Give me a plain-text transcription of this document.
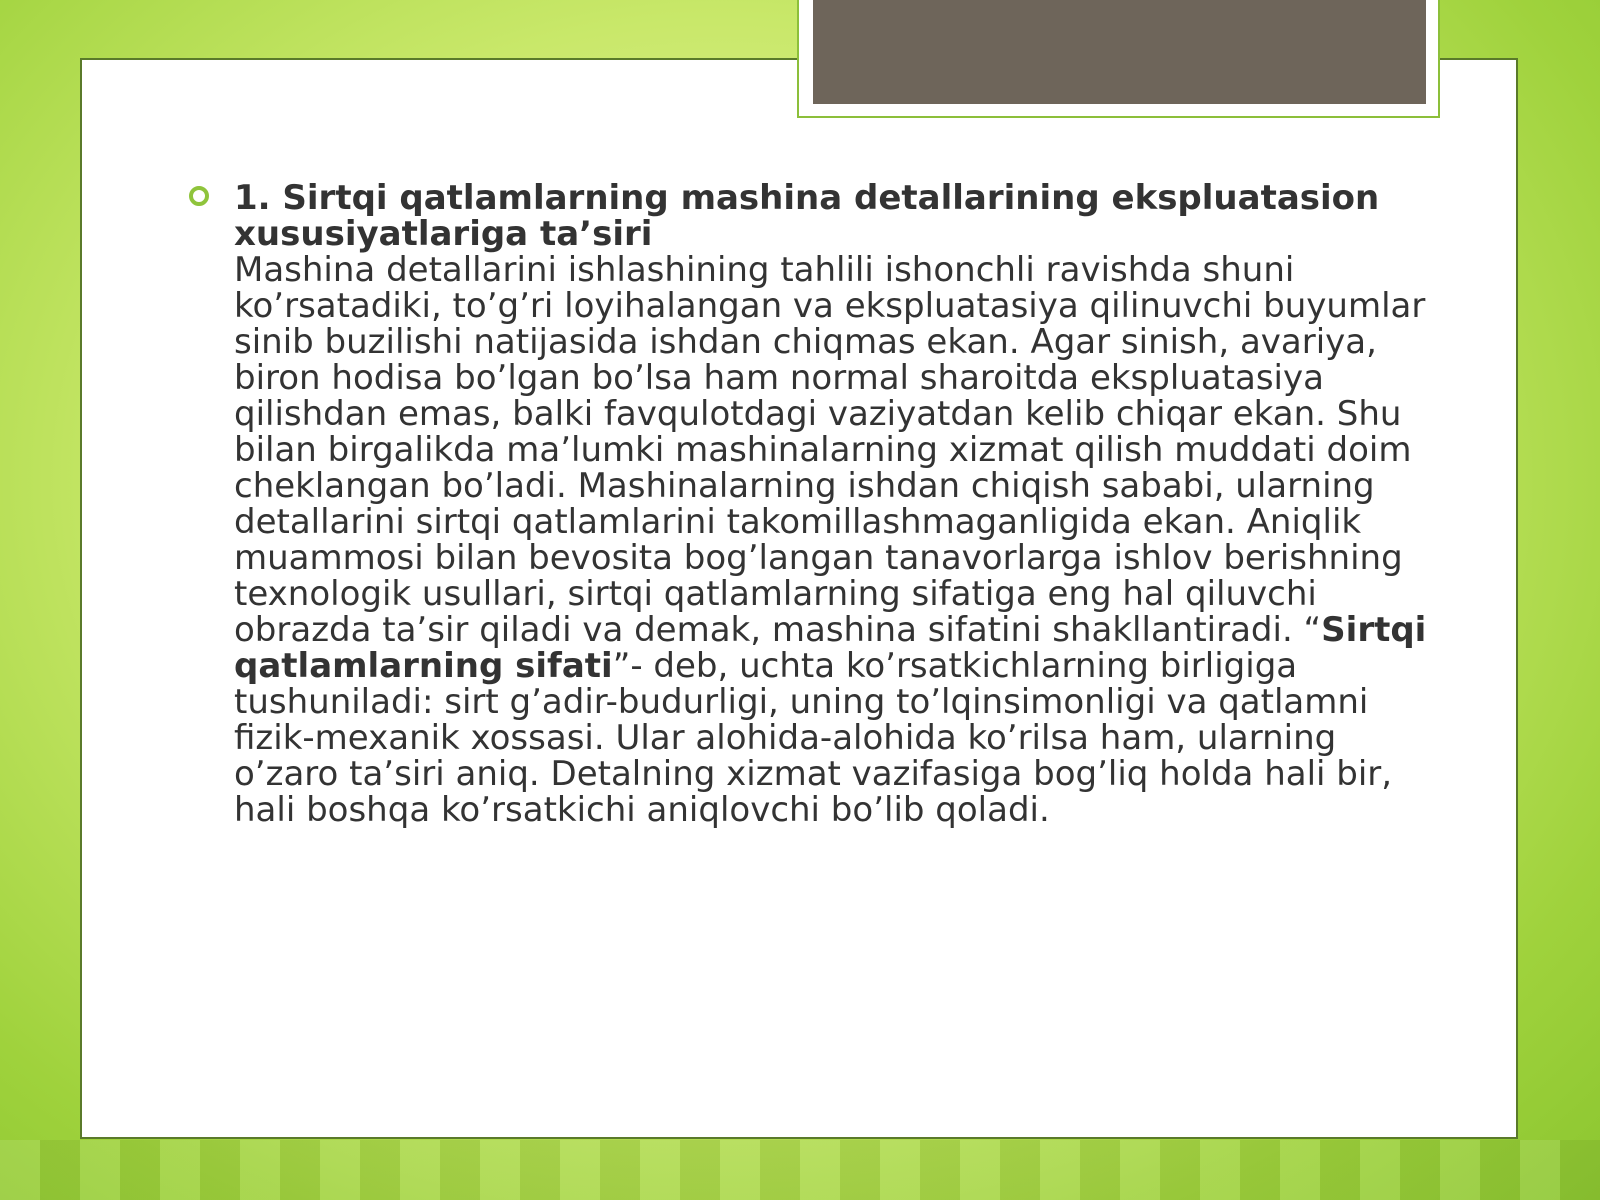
1. Sirtqi qatlamlarning mashina detallarining ekspluatasion xususiyatlariga ta’siri
Mashina detallarini ishlashining tahlili ishonchli ravishda shuni ko’rsatadiki, to’g’ri loyihalangan va ekspluatasiya qilinuvchi buyumlar sinib buzilishi natijasida ishdan chiqmas ekan. Agar sinish, avariya, biron hodisa bo’lgan bo’lsa ham normal sharoitda ekspluatasiya qilishdan emas, balki favqulotdagi vaziyatdan kelib chiqar ekan. Shu bilan birgalikda ma’lumki mashinalarning xizmat qilish muddati doim cheklangan bo’ladi. Mashinalarning ishdan chiqish sababi, ularning detallarini sirtqi qatlamlarini takomillashmaganligida ekan. Aniqlik muammosi bilan bevosita bog’langan tanavorlarga ishlov berishning texnologik usullari, sirtqi qatlamlarning sifatiga eng hal qiluvchi obrazda ta’sir qiladi va demak, mashina sifatini shakllantiradi. “Sirtqi qatlamlarning sifati”- deb, uchta ko’rsatkichlarning birligiga tushuniladi: sirt g’adir-budurligi, uning to’lqinsimonligi va qatlamni fizik-mexanik xossasi. Ular alohida-alohida ko’rilsa ham, ularning o’zaro ta’siri aniq. Detalning xizmat vazifasiga bog’liq holda hali bir, hali boshqa ko’rsatkichi aniqlovchi bo’lib qoladi.
